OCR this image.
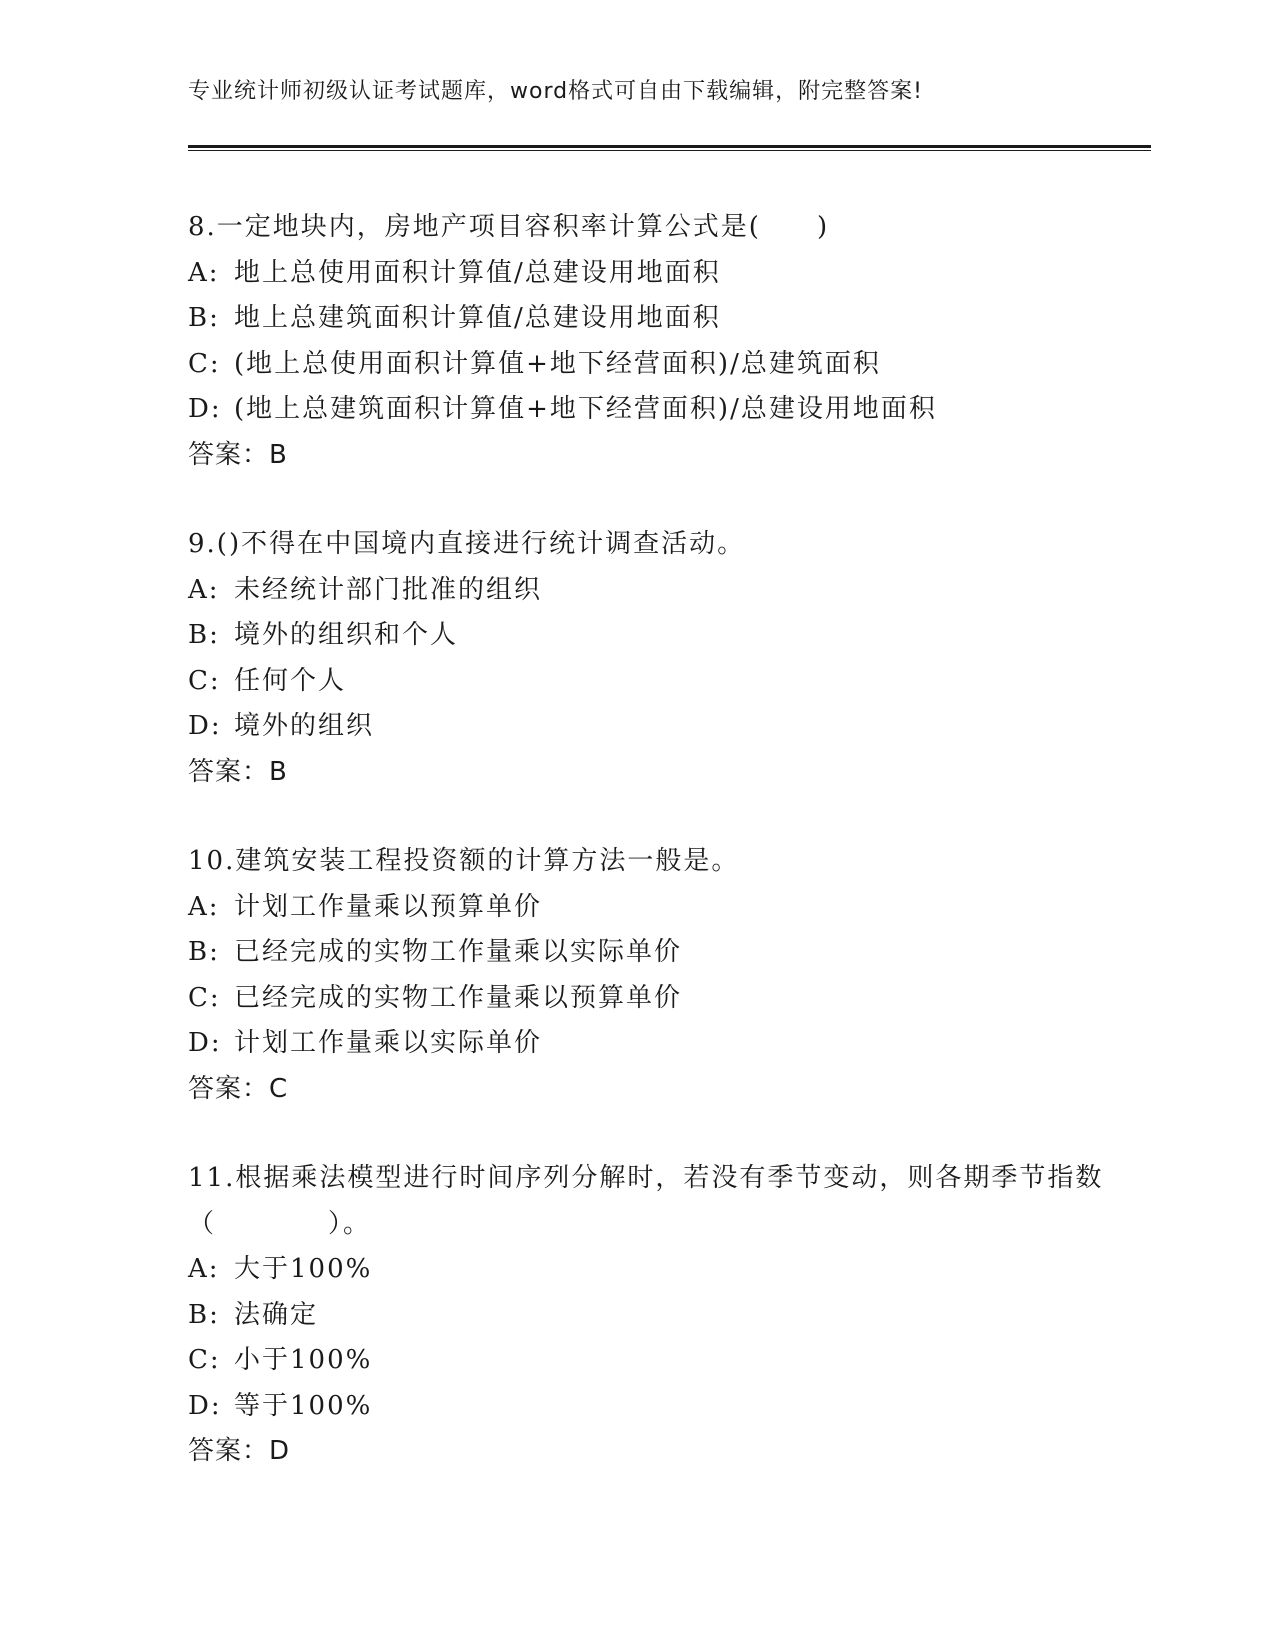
专业统计师初级认证考试题库，word格式可自由下载编辑，附完整答案!
8.一定地块内，房地产项目容积率计算公式是(　　)
A: 地上总使用面积计算值/总建设用地面积
B: 地上总建筑面积计算值/总建设用地面积
C: (地上总使用面积计算值+地下经营面积)/总建筑面积
D: (地上总建筑面积计算值+地下经营面积)/总建设用地面积
答案：B
9.()不得在中国境内直接进行统计调查活动。
A: 未经统计部门批准的组织
B: 境外的组织和个人
C: 任何个人
D: 境外的组织
答案：B
10.建筑安装工程投资额的计算方法一般是。
A: 计划工作量乘以预算单价
B: 已经完成的实物工作量乘以实际单价
C: 已经完成的实物工作量乘以预算单价
D: 计划工作量乘以实际单价
答案：C
11.根据乘法模型进行时间序列分解时，若没有季节变动，则各期季节指数（　　　　）。
A: 大于100%
B: 法确定
C: 小于100%
D: 等于100%
答案：D
